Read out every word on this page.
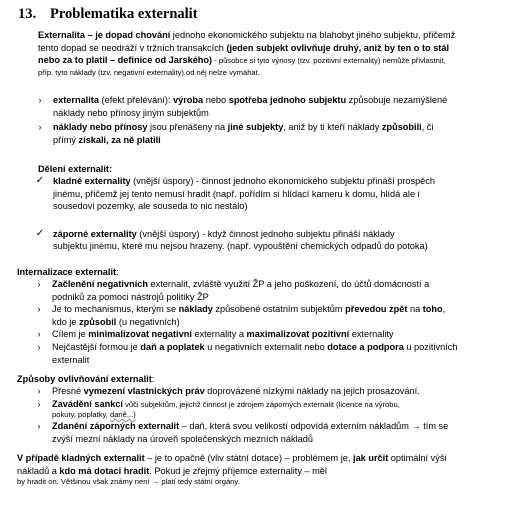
13. Problematika externalit

Externalita – je dopad chování jednoho ekonomického subjektu na blahobyt jiného subjektu, přičemž

tento dopad se neodráží v tržních transakcích (jeden subjekt ovlivňuje druhý, aniž by ten o to stál

nebo za to platil – definice od Jarského) - působce si tyto výnosy (tzv. pozitivní externality) nemůže přivlastnit,

příp. tyto náklady (tzv. negativní externality) od něj nelze vymáhat.

›	externalita (efekt přelévání): výroba nebo spotřeba jednoho subjektu způsobuje nezamýšlené

náklady nebo přínosy jiným subjektům

›	náklady nebo přínosy jsou přenášeny na jiné subjekty, aniž by ti kteří náklady způsobili, či

přímý získali, za ně platili

Dělení externalit:

✓ kladné externality (vnější úspory) - činnost jednoho ekonomického subjektu přináší prospěch

jinému, přičemž jej tento nemusí hradit (např. pořídím si hlídací kameru k domu, hlídá ale i

sousedovi pozemky, ale souseda to nic nestálo)

✓ záporné externality (vnější úspory) - když činnost jednoho subjektu přináší náklady

subjektu jinému, které mu nejsou hrazeny. (např. vypouštění chemických odpadů do potoka)

Internalizace externalit:

›	Začlenění negativních externalit, zvláště využití ŽP a jeho poškození, do účtů domácností a

podniků za pomoci nástrojů politiky ŽP

›	Je to mechanismus, kterým se náklady způsobené ostatním subjektům převedou zpět na toho,

kdo je způsobil (u negativních)

›	Cílem je minimalizovat negativní externality a maximalizovat pozitivní externality

›	Nejčastější formou je daň a poplatek u negativních externalit nebo dotace a podpora u pozitivních

externalit

Způsoby ovlivňování externalit:

›	Přesné vymezení vlastnických práv doprovázené nízkými náklady na jejich prosazování.

›	Zavádění sankcí vůči subjektům, jejichž činnost je zdrojem záporných externalit (licence na výrobu,

pokuty, poplatky, daně,..)

›	Zdanění záporných externalit – daň, která svou velikostí odpovídá externím nákladům → tím se

zvýší mezní náklady na úroveň společenských mezních nákladů

V případě kladných externalit – je to opačně (vliv státní dotace) – problémem je, jak určit optimální výši

nákladů a kdo má dotaci hradit. Pokud je zřejmý příjemce externality – měl

by hradit on. Většinou však známy není → platí tedy státní orgány.
